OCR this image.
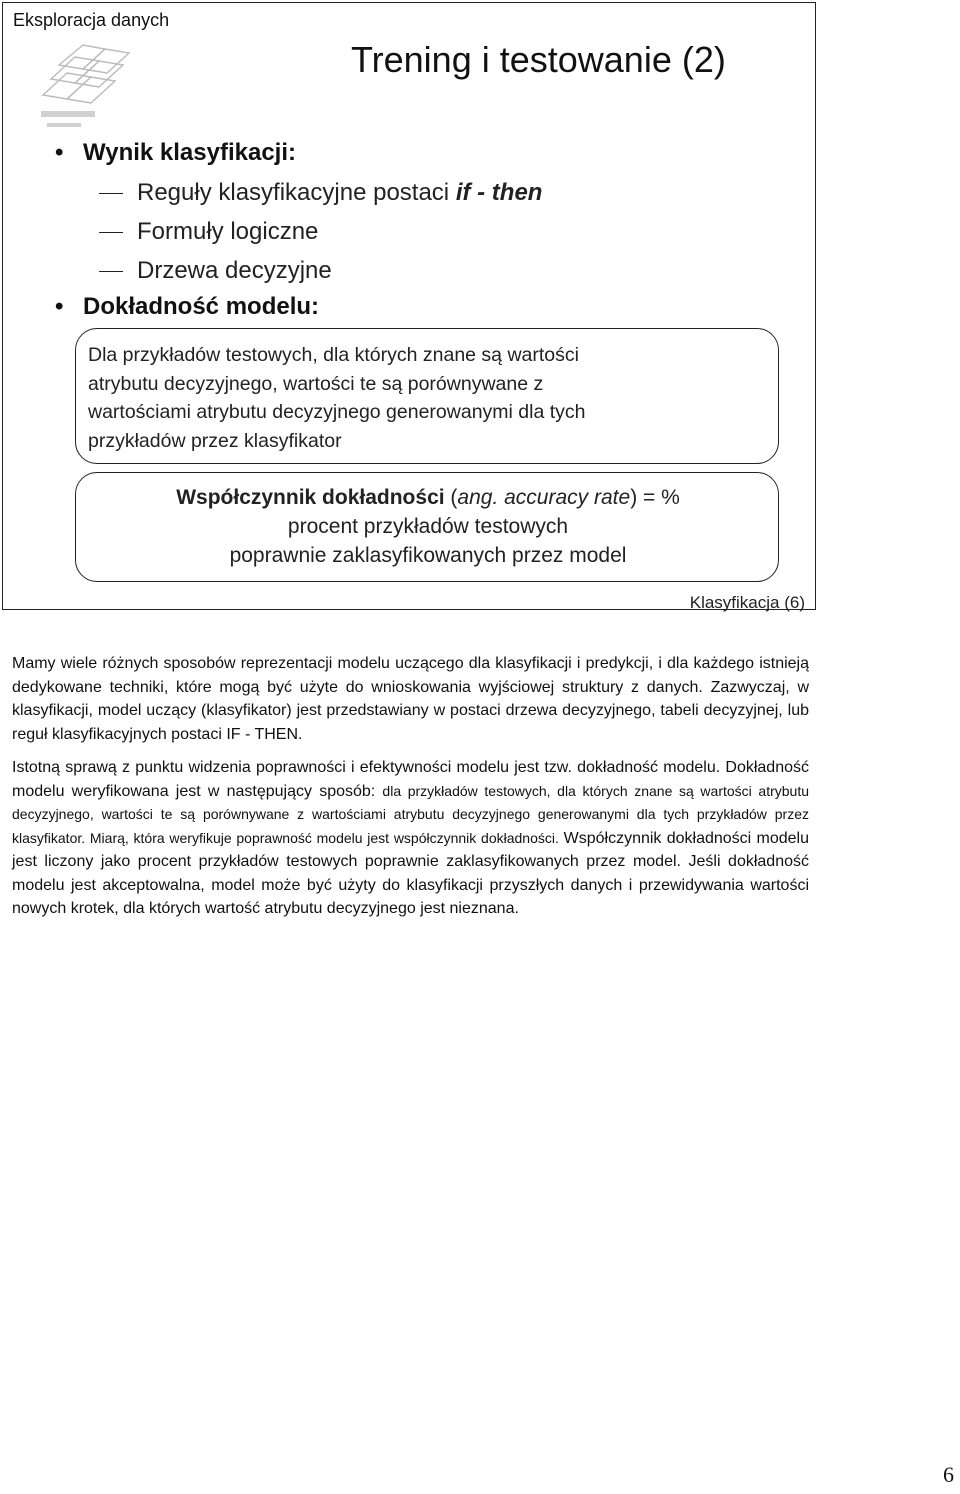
Eksploracja danych
Trening i testowanie (2)
• Wynik klasyfikacji:
Reguły klasyfikacyjne postaci if - then
Formuły logiczne
Drzewa decyzyjne
• Dokładność modelu:
Dla przykładów testowych, dla których znane są wartości
atrybutu decyzyjnego, wartości te są porównywane z
wartościami atrybutu decyzyjnego generowanymi dla tych
przykładów przez klasyfikator
Współczynnik dokładności (ang. accuracy rate) = %
procent przykładów testowych
poprawnie zaklasyfikowanych przez model
Klasyfikacja (6)

Mamy wiele różnych sposobów reprezentacji modelu uczącego dla klasyfikacji i predykcji, i dla każdego istnieją dedykowane techniki, które mogą być użyte do wnioskowania wyjściowej struktury z danych. Zazwyczaj, w klasyfikacji, model uczący (klasyfikator) jest przedstawiany w postaci drzewa decyzyjnego, tabeli decyzyjnej, lub reguł klasyfikacyjnych postaci IF - THEN.

Istotną sprawą z punktu widzenia poprawności i efektywności modelu jest tzw. dokładność modelu. Dokładność modelu weryfikowana jest w następujący sposób: dla przykładów testowych, dla których znane są wartości atrybutu decyzyjnego, wartości te są porównywane z wartościami atrybutu decyzyjnego generowanymi dla tych przykładów przez klasyfikator. Miarą, która weryfikuje poprawność modelu jest współczynnik dokładności. Współczynnik dokładności modelu jest liczony jako procent przykładów testowych poprawnie zaklasyfikowanych przez model. Jeśli dokładność modelu jest akceptowalna, model może być użyty do klasyfikacji przyszłych danych i przewidywania wartości nowych krotek, dla których wartość atrybutu decyzyjnego jest nieznana.

6
